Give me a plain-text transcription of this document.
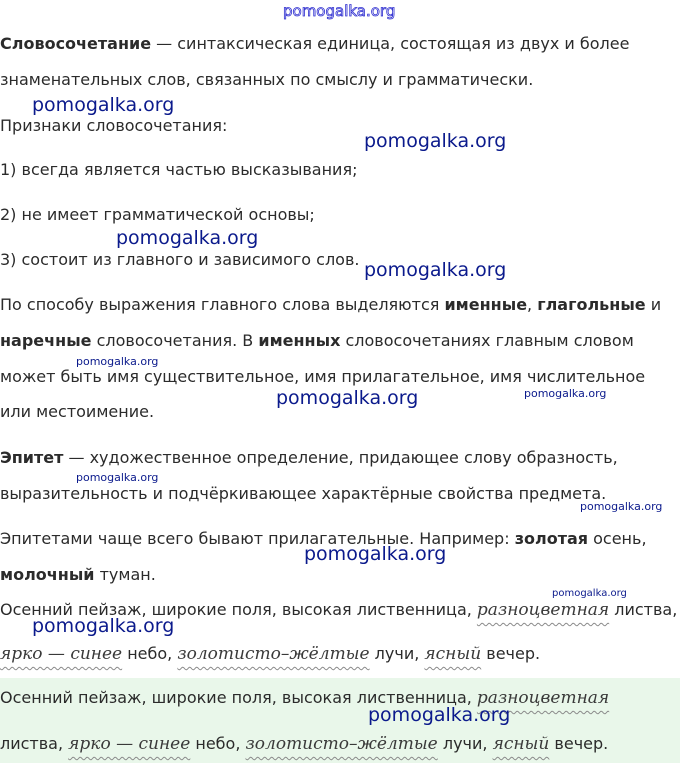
Словосочетание — синтаксическая единица, состоящая из двух и более
знаменательных слов, связанных по смыслу и грамматически.
Признаки словосочетания:
1) всегда является частью высказывания;
2) не имеет грамматической основы;
3) состоит из главного и зависимого слов.
По способу выражения главного слова выделяются именные, глагольные и
наречные словосочетания. В именных словосочетаниях главным словом
может быть имя существительное, имя прилагательное, имя числительное
или местоимение.
Эпитет — художественное определение, придающее слову образность,
выразительность и подчёркивающее характёрные свойства предмета.
Эпитетами чаще всего бывают прилагательные. Например: золотая осень,
молочный туман.
Осенний пейзаж, широкие поля, высокая лиственница, разноцветная листва,
ярко — синее небо, золотисто–жёлтые лучи, ясный вечер.
Осенний пейзаж, широкие поля, высокая лиственница, разноцветная
листва, ярко — синее небо, золотисто–жёлтые лучи, ясный вечер.
pomogalka.org
pomogalka.org
pomogalka.org
pomogalka.org
pomogalka.org
pomogalka.org
pomogalka.org	pomogalka.org
pomogalka.org
pomogalka.org
pomogalka.org
pomogalka.org
pomogalka.org
pomogalka.org
